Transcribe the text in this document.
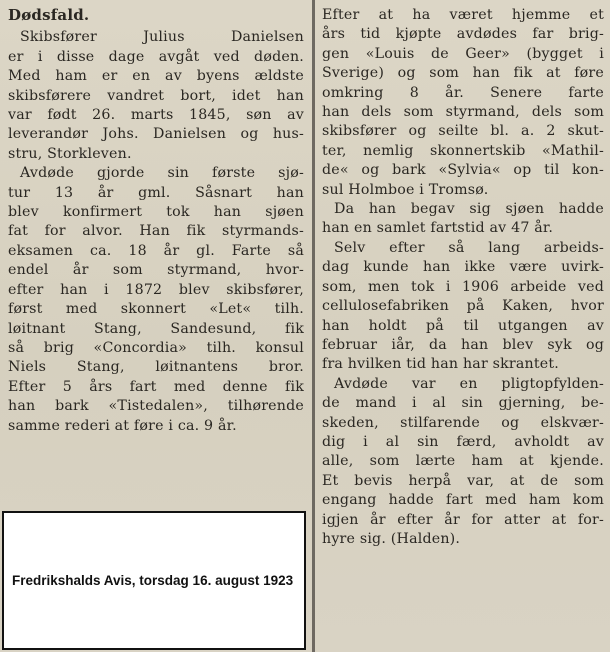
Dødsfald.
Skibsfører Julius Danielsen
er i disse dage avgåt ved døden.
Med ham er en av byens ældste
skibsførere vandret bort, idet han
var født 26. marts 1845, søn av
leverandør Johs. Danielsen og hus-
stru, Storkleven.
Avdøde gjorde sin første sjø-
tur 13 år gml. Såsnart han
blev konfirmert tok han sjøen
fat for alvor. Han fik styrmands-
eksamen ca. 18 år gl. Farte så
endel år som styrmand, hvor-
efter han i 1872 blev skibsfører,
først med skonnert «Let« tilh.
løitnant Stang, Sandesund, fik
så brig «Concordia» tilh. konsul
Niels Stang, løitnantens bror.
Efter 5 års fart med denne fik
han bark «Tistedalen», tilhørende
samme rederi at føre i ca. 9 år.
Efter at ha været hjemme et
års tid kjøpte avdødes far brig-
gen «Louis de Geer» (bygget i
Sverige) og som han fik at føre
omkring 8 år. Senere farte
han dels som styrmand, dels som
skibsfører og seilte bl. a. 2 skut-
ter, nemlig skonnertskib «Mathil-
de« og bark «Sylvia« op til kon-
sul Holmboe i Tromsø.
Da han begav sig sjøen hadde
han en samlet fartstid av 47 år.
Selv efter så lang arbeids-
dag kunde han ikke være uvirk-
som, men tok i 1906 arbeide ved
cellulosefabriken på Kaken, hvor
han holdt på til utgangen av
februar iår, da han blev syk og
fra hvilken tid han har skrantet.
Avdøde var en pligtopfylden-
de mand i al sin gjerning, be-
skeden, stilfarende og elskvær-
dig i al sin færd, avholdt av
alle, som lærte ham at kjende.
Et bevis herpå var, at de som
engang hadde fart med ham kom
igjen år efter år for atter at for-
hyre sig. (Halden).
Fredrikshalds Avis, torsdag 16. august 1923
